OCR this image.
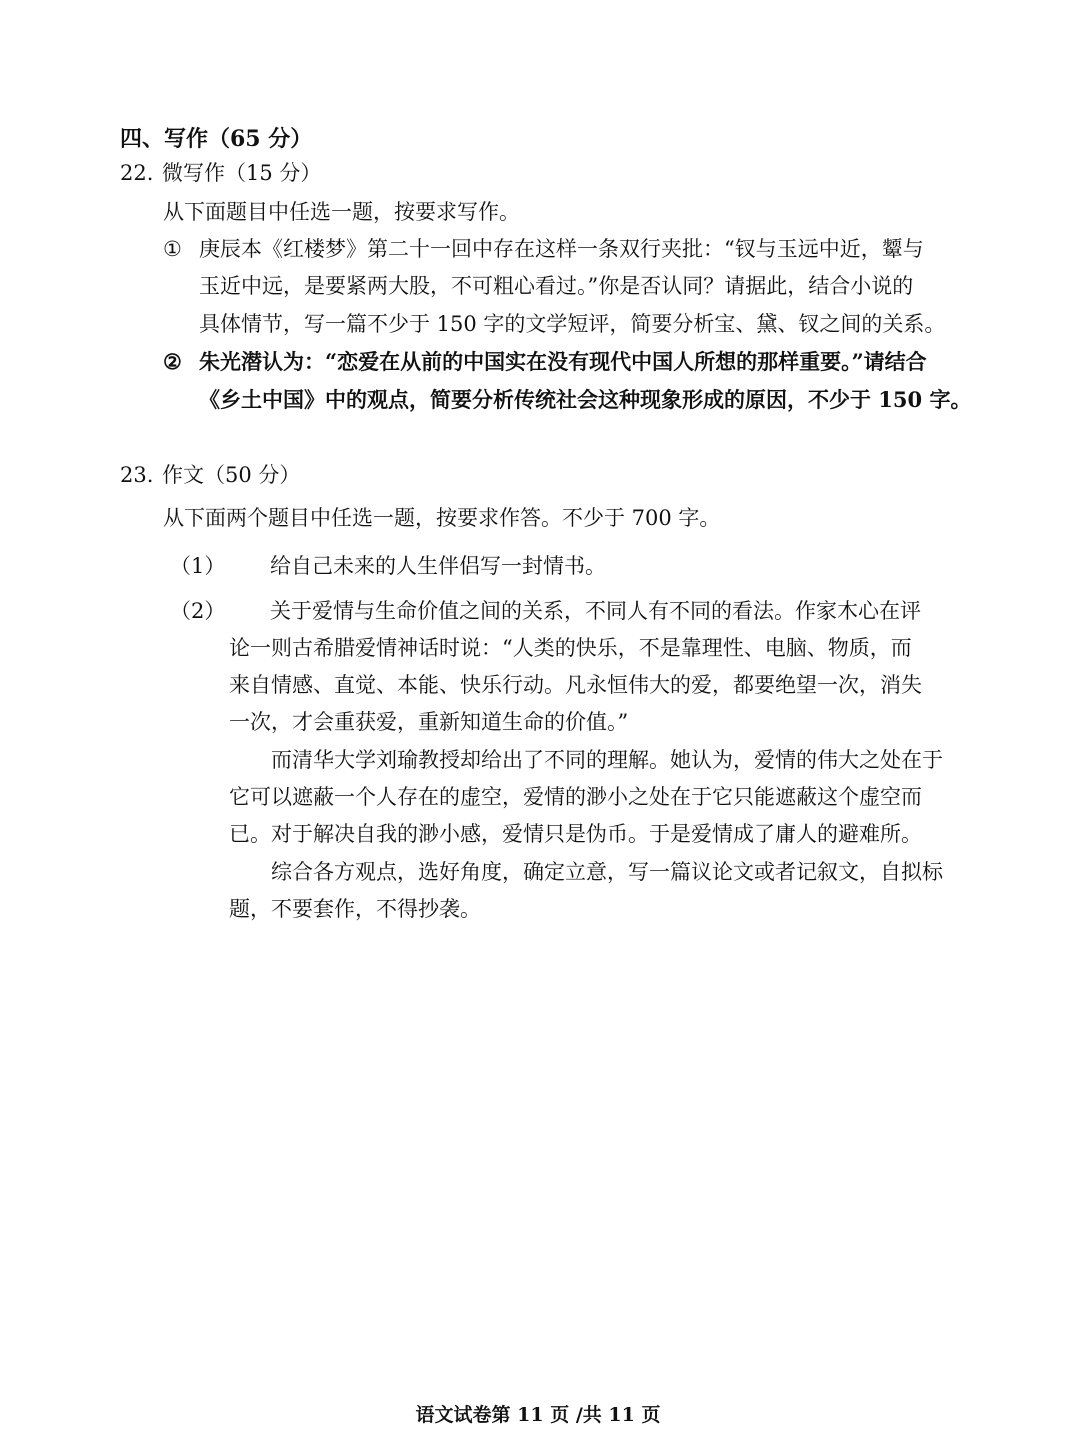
四、写作（65 分）
22. 微写作（15 分）
从下面题目中任选一题，按要求写作。
① 庚辰本《红楼梦》第二十一回中存在这样一条双行夹批：“钗与玉远中近，颦与
玉近中远，是要紧两大股，不可粗心看过。”你是否认同？请据此，结合小说的
具体情节，写一篇不少于 150 字的文学短评，简要分析宝、黛、钗之间的关系。
② 朱光潜认为：“恋爱在从前的中国实在没有现代中国人所想的那样重要。”请结合
《乡土中国》中的观点，简要分析传统社会这种现象形成的原因，不少于 150 字。
23. 作文（50 分）
从下面两个题目中任选一题，按要求作答。不少于 700 字。
（1） 给自己未来的人生伴侣写一封情书。
（2） 关于爱情与生命价值之间的关系，不同人有不同的看法。作家木心在评
论一则古希腊爱情神话时说：“人类的快乐，不是靠理性、电脑、物质，而
来自情感、直觉、本能、快乐行动。凡永恒伟大的爱，都要绝望一次，消失
一次，才会重获爱，重新知道生命的价值。”
而清华大学刘瑜教授却给出了不同的理解。她认为，爱情的伟大之处在于
它可以遮蔽一个人存在的虚空，爱情的渺小之处在于它只能遮蔽这个虚空而
已。对于解决自我的渺小感，爱情只是伪币。于是爱情成了庸人的避难所。
综合各方观点，选好角度，确定立意，写一篇议论文或者记叙文，自拟标
题，不要套作，不得抄袭。
语文试卷第 11 页 /共 11 页
